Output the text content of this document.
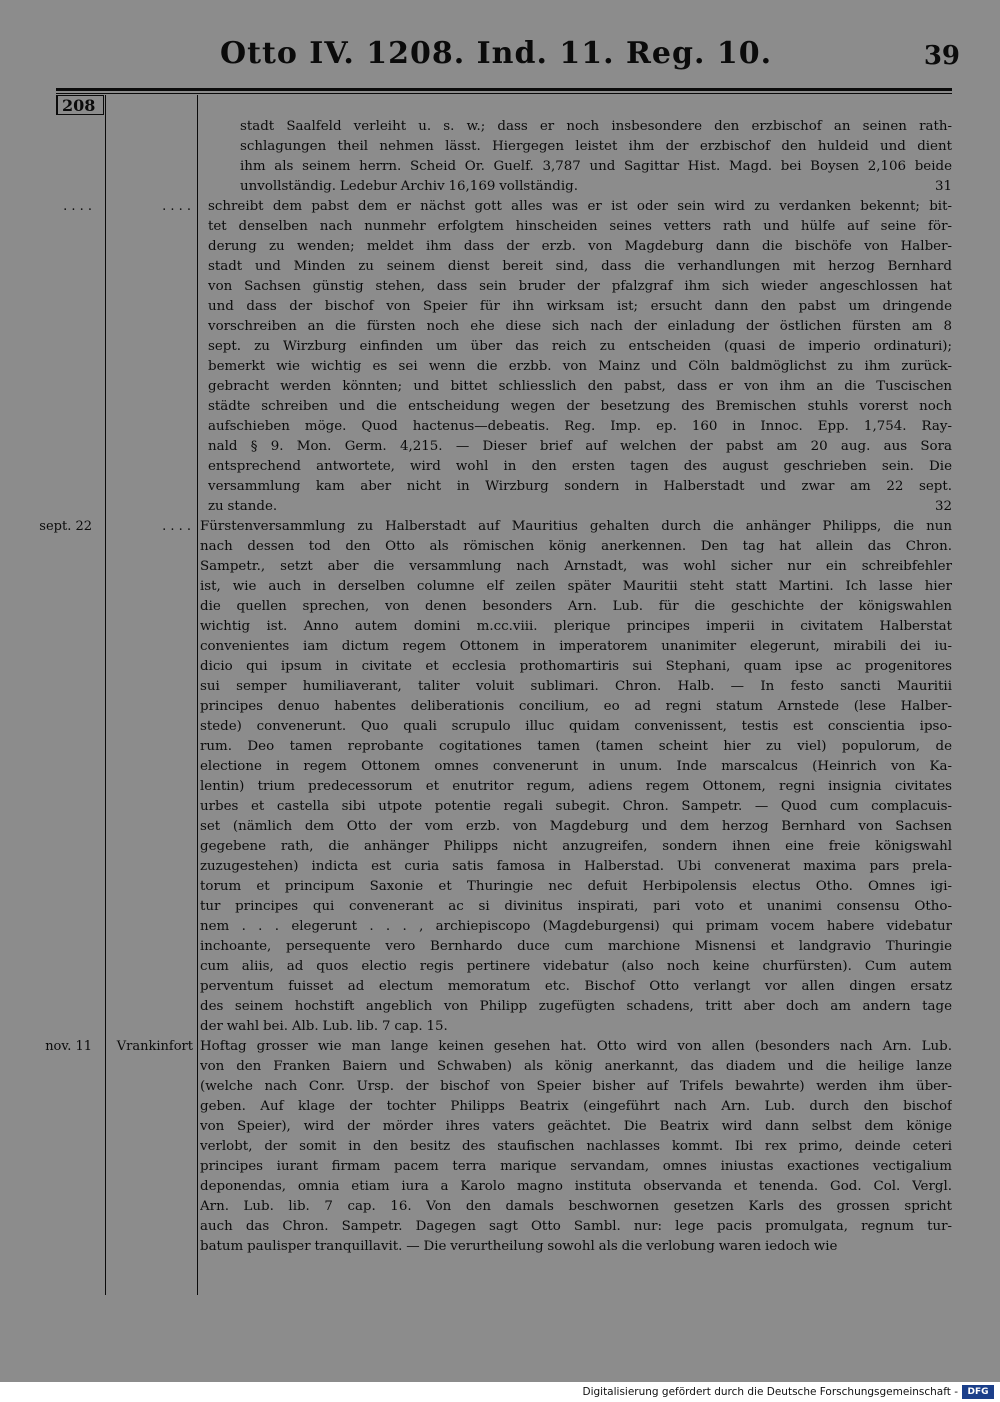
Otto IV. 1208. Ind. 11. Reg. 10.	39
208
stadt Saalfeld verleiht u. s. w.; dass er noch insbesondere den erzbischof an seinen rath-
schlagungen theil nehmen lässt. Hiergegen leistet ihm der erzbischof den huldeid und dient
ihm als seinem herrn. Scheid Or. Guelf. 3,787 und Sagittar Hist. Magd. bei Boysen 2,106 beide
unvollständig. Ledebur Archiv 16,169 vollständig.	31
. . . .	. . . . schreibt dem pabst dem er nächst gott alles was er ist oder sein wird zu verdanken bekennt; bit-
tet denselben nach nunmehr erfolgtem hinscheiden seines vetters rath und hülfe auf seine för-
derung zu wenden; meldet ihm dass der erzb. von Magdeburg dann die bischöfe von Halber-
stadt und Minden zu seinem dienst bereit sind, dass die verhandlungen mit herzog Bernhard
von Sachsen günstig stehen, dass sein bruder der pfalzgraf ihm sich wieder angeschlossen hat
und dass der bischof von Speier für ihn wirksam ist; ersucht dann den pabst um dringende
vorschreiben an die fürsten noch ehe diese sich nach der einladung der östlichen fürsten am 8
sept. zu Wirzburg einfinden um über das reich zu entscheiden (quasi de imperio ordinaturi);
bemerkt wie wichtig es sei wenn die erzbb. von Mainz und Cöln baldmöglichst zu ihm zurück-
gebracht werden könnten; und bittet schliesslich den pabst, dass er von ihm an die Tuscischen
städte schreiben und die entscheidung wegen der besetzung des Bremischen stuhls vorerst noch
aufschieben möge. Quod hactenus—debeatis. Reg. Imp. ep. 160 in Innoc. Epp. 1,754. Ray-
nald § 9. Mon. Germ. 4,215. — Dieser brief auf welchen der pabst am 20 aug. aus Sora
entsprechend antwortete, wird wohl in den ersten tagen des august geschrieben sein. Die
versammlung kam aber nicht in Wirzburg sondern in Halberstadt und zwar am 22 sept.
zu stande.	32
sept. 22	. . . . Fürstenversammlung zu Halberstadt auf Mauritius gehalten durch die anhänger Philipps, die nun
nach dessen tod den Otto als römischen könig anerkennen. Den tag hat allein das Chron.
Sampetr., setzt aber die versammlung nach Arnstadt, was wohl sicher nur ein schreibfehler
ist, wie auch in derselben columne elf zeilen später Mauritii steht statt Martini. Ich lasse hier
die quellen sprechen, von denen besonders Arn. Lub. für die geschichte der königswahlen
wichtig ist. Anno autem domini m.cc.viii. plerique principes imperii in civitatem Halberstat
convenientes iam dictum regem Ottonem in imperatorem unanimiter elegerunt, mirabili dei iu-
dicio qui ipsum in civitate et ecclesia prothomartiris sui Stephani, quam ipse ac progenitores
sui semper humiliaverant, taliter voluit sublimari. Chron. Halb. — In festo sancti Mauritii
principes denuo habentes deliberationis concilium, eo ad regni statum Arnstede (lese Halber-
stede) convenerunt. Quo quali scrupulo illuc quidam convenissent, testis est conscientia ipso-
rum. Deo tamen reprobante cogitationes tamen (tamen scheint hier zu viel) populorum, de
electione in regem Ottonem omnes convenerunt in unum. Inde marscalcus (Heinrich von Ka-
lentin) trium predecessorum et enutritor regum, adiens regem Ottonem, regni insignia civitates
urbes et castella sibi utpote potentie regali subegit. Chron. Sampetr. — Quod cum complacuis-
set (nämlich dem Otto der vom erzb. von Magdeburg und dem herzog Bernhard von Sachsen
gegebene rath, die anhänger Philipps nicht anzugreifen, sondern ihnen eine freie königswahl
zuzugestehen) indicta est curia satis famosa in Halberstad. Ubi convenerat maxima pars prela-
torum et principum Saxonie et Thuringie nec defuit Herbipolensis electus Otho. Omnes igi-
tur principes qui convenerant ac si divinitus inspirati, pari voto et unanimi consensu Otho-
nem . . . elegerunt . . . , archiepiscopo (Magdeburgensi) qui primam vocem habere videbatur
inchoante, persequente vero Bernhardo duce cum marchione Misnensi et landgravio Thuringie
cum aliis, ad quos electio regis pertinere videbatur (also noch keine churfürsten). Cum autem
perventum fuisset ad electum memoratum etc. Bischof Otto verlangt vor allen dingen ersatz
des seinem hochstift angeblich von Philipp zugefügten schadens, tritt aber doch am andern tage
der wahl bei. Alb. Lub. lib. 7 cap. 15.
nov. 11	Vrankinfort Hoftag grosser wie man lange keinen gesehen hat. Otto wird von allen (besonders nach Arn. Lub.
von den Franken Baiern und Schwaben) als könig anerkannt, das diadem und die heilige lanze
(welche nach Conr. Ursp. der bischof von Speier bisher auf Trifels bewahrte) werden ihm über-
geben. Auf klage der tochter Philipps Beatrix (eingeführt nach Arn. Lub. durch den bischof
von Speier), wird der mörder ihres vaters geächtet. Die Beatrix wird dann selbst dem könige
verlobt, der somit in den besitz des staufischen nachlasses kommt. Ibi rex primo, deinde ceteri
principes iurant firmam pacem terra marique servandam, omnes iniustas exactiones vectigalium
deponendas, omnia etiam iura a Karolo magno instituta observanda et tenenda. God. Col. Vergl.
Arn. Lub. lib. 7 cap. 16. Von den damals beschwornen gesetzen Karls des grossen spricht
auch das Chron. Sampetr. Dagegen sagt Otto Sambl. nur: lege pacis promulgata, regnum tur-
batum paulisper tranquillavit. — Die verurtheilung sowohl als die verlobung waren iedoch wie
Digitalisierung gefördert durch die Deutsche Forschungsgemeinschaft -	DFG
